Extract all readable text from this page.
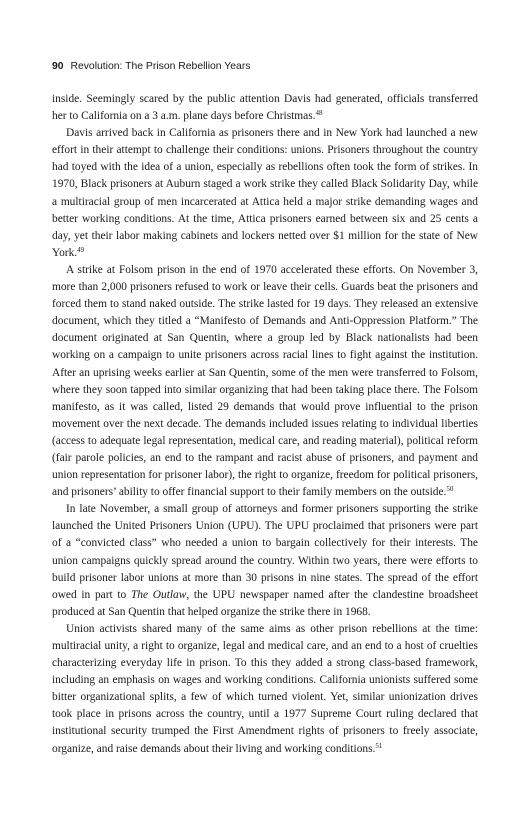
90 Revolution: The Prison Rebellion Years

inside. Seemingly scared by the public attention Davis had generated, officials transferred her to California on a 3 a.m. plane days before Christmas.$^{48}$

Davis arrived back in California as prisoners there and in New York had launched a new effort in their attempt to challenge their conditions: unions. Prisoners throughout the country had toyed with the idea of a union, especially as rebellions often took the form of strikes. In 1970, Black prisoners at Auburn staged a work strike they called Black Solidarity Day, while a multiracial group of men incarcerated at Attica held a major strike demanding wages and better working conditions. At the time, Attica prisoners earned between six and 25 cents a day, yet their labor making cabinets and lockers netted over $1 million for the state of New York.$^{49}$

A strike at Folsom prison in the end of 1970 accelerated these efforts. On November 3, more than 2,000 prisoners refused to work or leave their cells. Guards beat the prisoners and forced them to stand naked outside. The strike lasted for 19 days. They released an extensive document, which they titled a “Manifesto of Demands and Anti-Oppression Platform.” The document originated at San Quentin, where a group led by Black nationalists had been working on a campaign to unite prisoners across racial lines to fight against the institution. After an uprising weeks earlier at San Quentin, some of the men were transferred to Folsom, where they soon tapped into similar organizing that had been taking place there. The Folsom manifesto, as it was called, listed 29 demands that would prove influential to the prison movement over the next decade. The demands included issues relating to individual liberties (access to adequate legal representation, medical care, and reading material), political reform (fair parole policies, an end to the rampant and racist abuse of prisoners, and payment and union representation for prisoner labor), the right to organize, freedom for political prisoners, and prisoners’ ability to offer financial support to their family members on the outside.$^{50}$

In late November, a small group of attorneys and former prisoners supporting the strike launched the United Prisoners Union (UPU). The UPU proclaimed that prisoners were part of a “convicted class” who needed a union to bargain collectively for their interests. The union campaigns quickly spread around the country. Within two years, there were efforts to build prisoner labor unions at more than 30 prisons in nine states. The spread of the effort owed in part to The Outlaw, the UPU newspaper named after the clandestine broadsheet produced at San Quentin that helped organize the strike there in 1968.

Union activists shared many of the same aims as other prison rebellions at the time: multiracial unity, a right to organize, legal and medical care, and an end to a host of cruelties characterizing everyday life in prison. To this they added a strong class-based framework, including an emphasis on wages and working conditions. California unionists suffered some bitter organizational splits, a few of which turned violent. Yet, similar unionization drives took place in prisons across the country, until a 1977 Supreme Court ruling declared that institutional security trumped the First Amendment rights of prisoners to freely associate, organize, and raise demands about their living and working conditions.$^{51}$
